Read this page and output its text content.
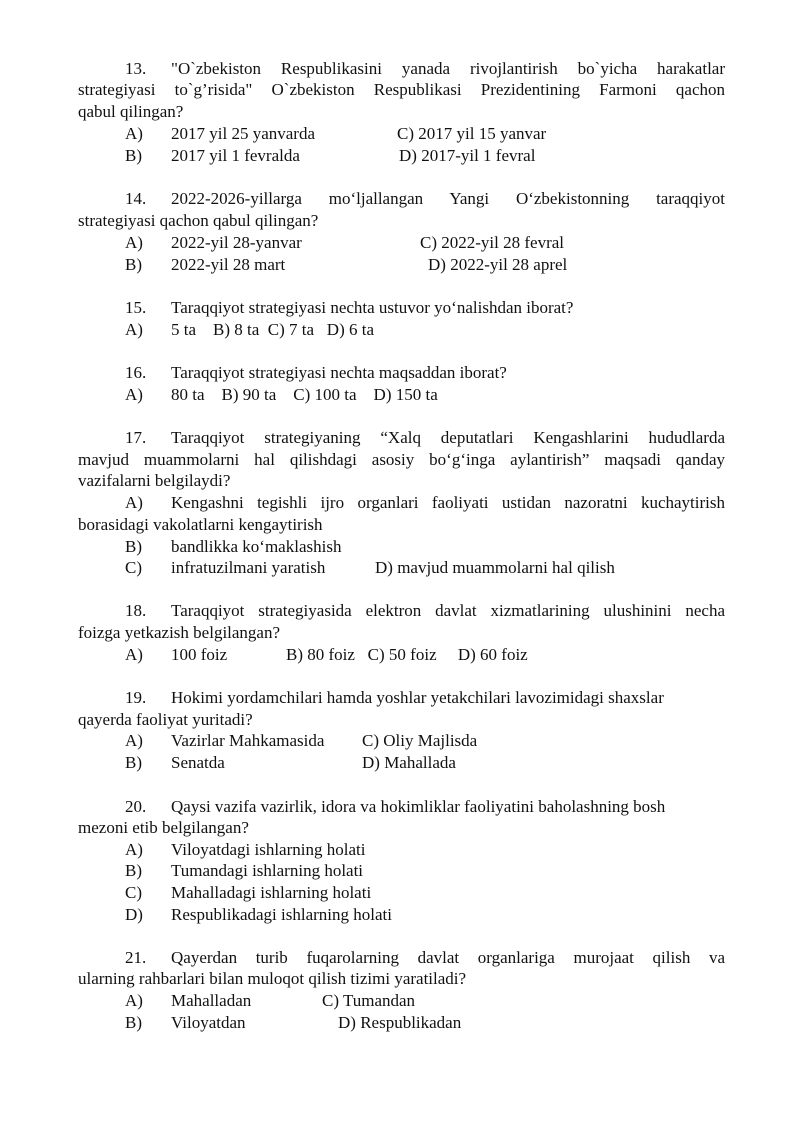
13. "O`zbekiston Respublikasini yanada rivojlantirish bo`yicha harakatlar
strategiyasi to`g’risida" O`zbekiston Respublikasi Prezidentining Farmoni qachon
qabul qilingan?
A) 2017 yil 25 yanvarda	C) 2017 yil 15 yanvar
B) 2017 yil 1 fevralda	D) 2017-yil 1 fevral
14. 2022-2026-yillarga mo‘ljallangan Yangi O‘zbekistonning taraqqiyot
strategiyasi qachon qabul qilingan?
A) 2022-yil 28-yanvar	C) 2022-yil 28 fevral
B) 2022-yil 28 mart	D) 2022-yil 28 aprel
15. Taraqqiyot strategiyasi nechta ustuvor yo‘nalishdan iborat?
A) 5 ta    B) 8 ta  C) 7 ta   D) 6 ta
16. Taraqqiyot strategiyasi nechta maqsaddan iborat?
A) 80 ta    B) 90 ta    C) 100 ta    D) 150 ta
17. Taraqqiyot strategiyaning “Xalq deputatlari Kengashlarini hududlarda
mavjud muammolarni hal qilishdagi asosiy bo‘g‘inga aylantirish” maqsadi qanday
vazifalarni belgilaydi?
A) Kengashni tegishli ijro organlari faoliyati ustidan nazoratni kuchaytirish
borasidagi vakolatlarni kengaytirish
B) bandlikka ko‘maklashish
C) infratuzilmani yaratish	D) mavjud muammolarni hal qilish
18. Taraqqiyot strategiyasida elektron davlat xizmatlarining ulushinini necha
foizga yetkazish belgilangan?
A) 100 foiz	B) 80 foiz   C) 50 foiz     D) 60 foiz
19. Hokimi yordamchilari hamda yoshlar yetakchilari lavozimidagi shaxslar
qayerda faoliyat yuritadi?
A) Vazirlar Mahkamasida C) Oliy Majlisda
B) Senatda	D) Mahallada
20. Qaysi vazifa vazirlik, idora va hokimliklar faoliyatini baholashning bosh
mezoni etib belgilangan?
A) Viloyatdagi ishlarning holati
B) Tumandagi ishlarning holati
C) Mahalladagi ishlarning holati
D) Respublikadagi ishlarning holati
21. Qayerdan turib fuqarolarning davlat organlariga murojaat qilish va
ularning rahbarlari bilan muloqot qilish tizimi yaratiladi?
A) Mahalladan	C) Tumandan
B) Viloyatdan	D) Respublikadan
